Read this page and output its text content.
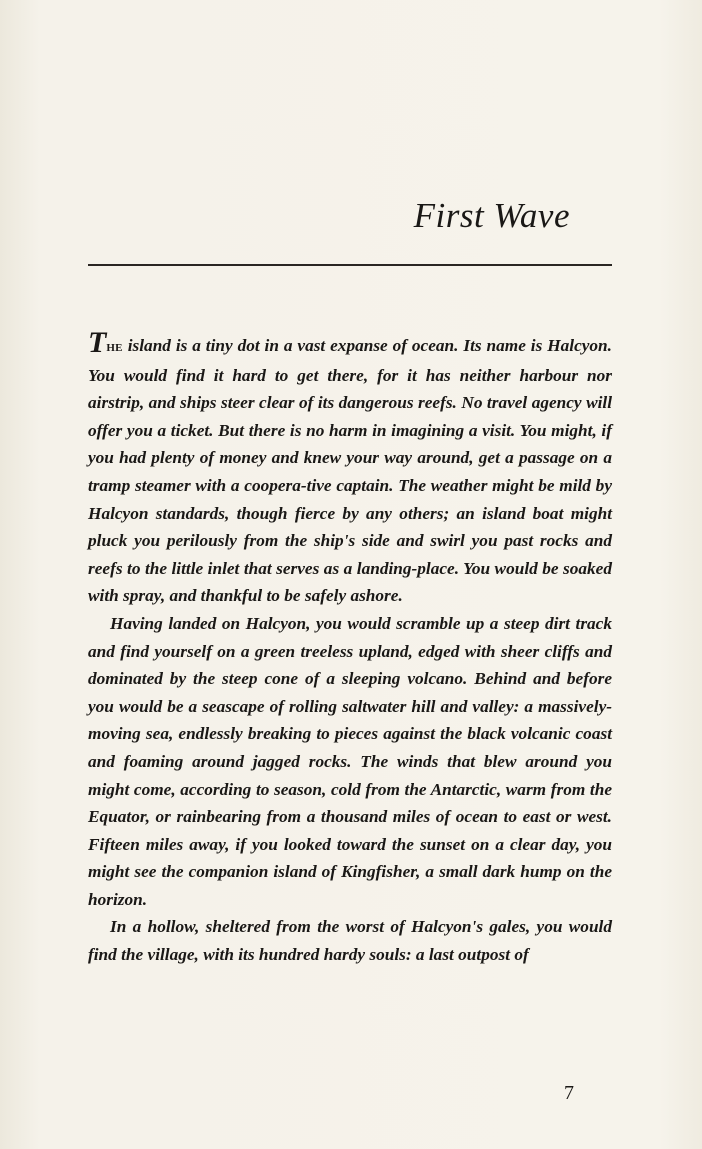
First Wave

The island is a tiny dot in a vast expanse of ocean. Its name is Halcyon. You would find it hard to get there, for it has neither harbour nor airstrip, and ships steer clear of its dangerous reefs. No travel agency will offer you a ticket. But there is no harm in imagining a visit. You might, if you had plenty of money and knew your way around, get a passage on a tramp steamer with a coopera-tive captain. The weather might be mild by Halcyon standards, though fierce by any others; an island boat might pluck you perilously from the ship's side and swirl you past rocks and reefs to the little inlet that serves as a landing-place. You would be soaked with spray, and thankful to be safely ashore.

Having landed on Halcyon, you would scramble up a steep dirt track and find yourself on a green treeless upland, edged with sheer cliffs and dominated by the steep cone of a sleeping volcano. Behind and before you would be a seascape of rolling saltwater hill and valley: a massively-moving sea, endlessly breaking to pieces against the black volcanic coast and foaming around jagged rocks. The winds that blew around you might come, according to season, cold from the Antarctic, warm from the Equator, or rainbearing from a thousand miles of ocean to east or west. Fifteen miles away, if you looked toward the sunset on a clear day, you might see the companion island of Kingfisher, a small dark hump on the horizon.

In a hollow, sheltered from the worst of Halcyon's gales, you would find the village, with its hundred hardy souls: a last outpost of

7
